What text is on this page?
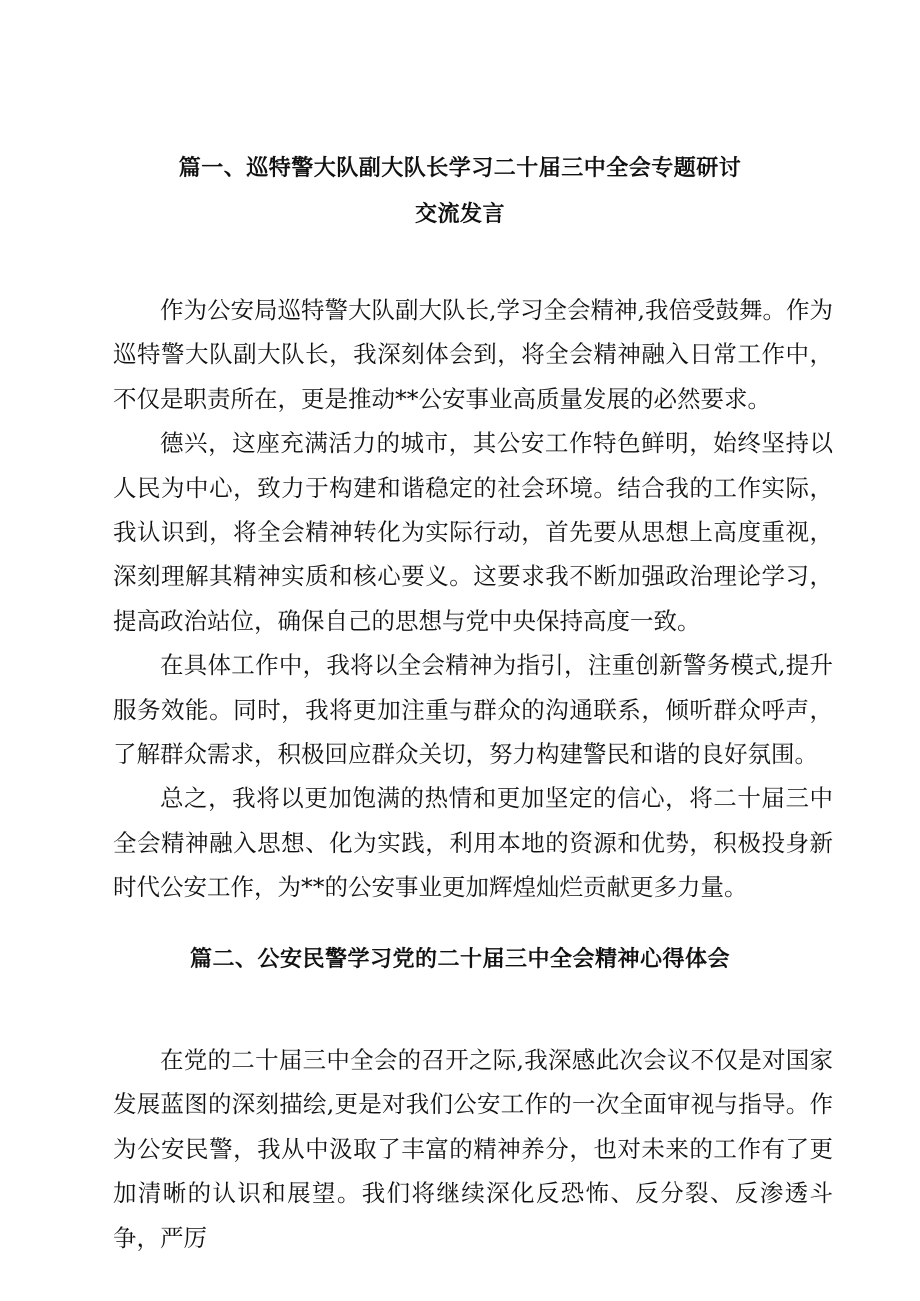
篇一、巡特警大队副大队长学习二十届三中全会专题研讨
交流发言

作为公安局巡特警大队副大队长,学习全会精神,我倍受鼓舞。作为巡特警大队副大队长，我深刻体会到，将全会精神融入日常工作中，不仅是职责所在，更是推动**公安事业高质量发展的必然要求。

德兴，这座充满活力的城市，其公安工作特色鲜明，始终坚持以人民为中心，致力于构建和谐稳定的社会环境。结合我的工作实际，我认识到，将全会精神转化为实际行动，首先要从思想上高度重视，深刻理解其精神实质和核心要义。这要求我不断加强政治理论学习，提高政治站位，确保自己的思想与党中央保持高度一致。

在具体工作中，我将以全会精神为指引，注重创新警务模式,提升服务效能。同时，我将更加注重与群众的沟通联系，倾听群众呼声，了解群众需求，积极回应群众关切，努力构建警民和谐的良好氛围。

总之，我将以更加饱满的热情和更加坚定的信心，将二十届三中全会精神融入思想、化为实践，利用本地的资源和优势，积极投身新时代公安工作，为**的公安事业更加辉煌灿烂贡献更多力量。

篇二、公安民警学习党的二十届三中全会精神心得体会

在党的二十届三中全会的召开之际,我深感此次会议不仅是对国家发展蓝图的深刻描绘,更是对我们公安工作的一次全面审视与指导。作为公安民警，我从中汲取了丰富的精神养分，也对未来的工作有了更加清晰的认识和展望。我们将继续深化反恐怖、反分裂、反渗透斗争，严厉
